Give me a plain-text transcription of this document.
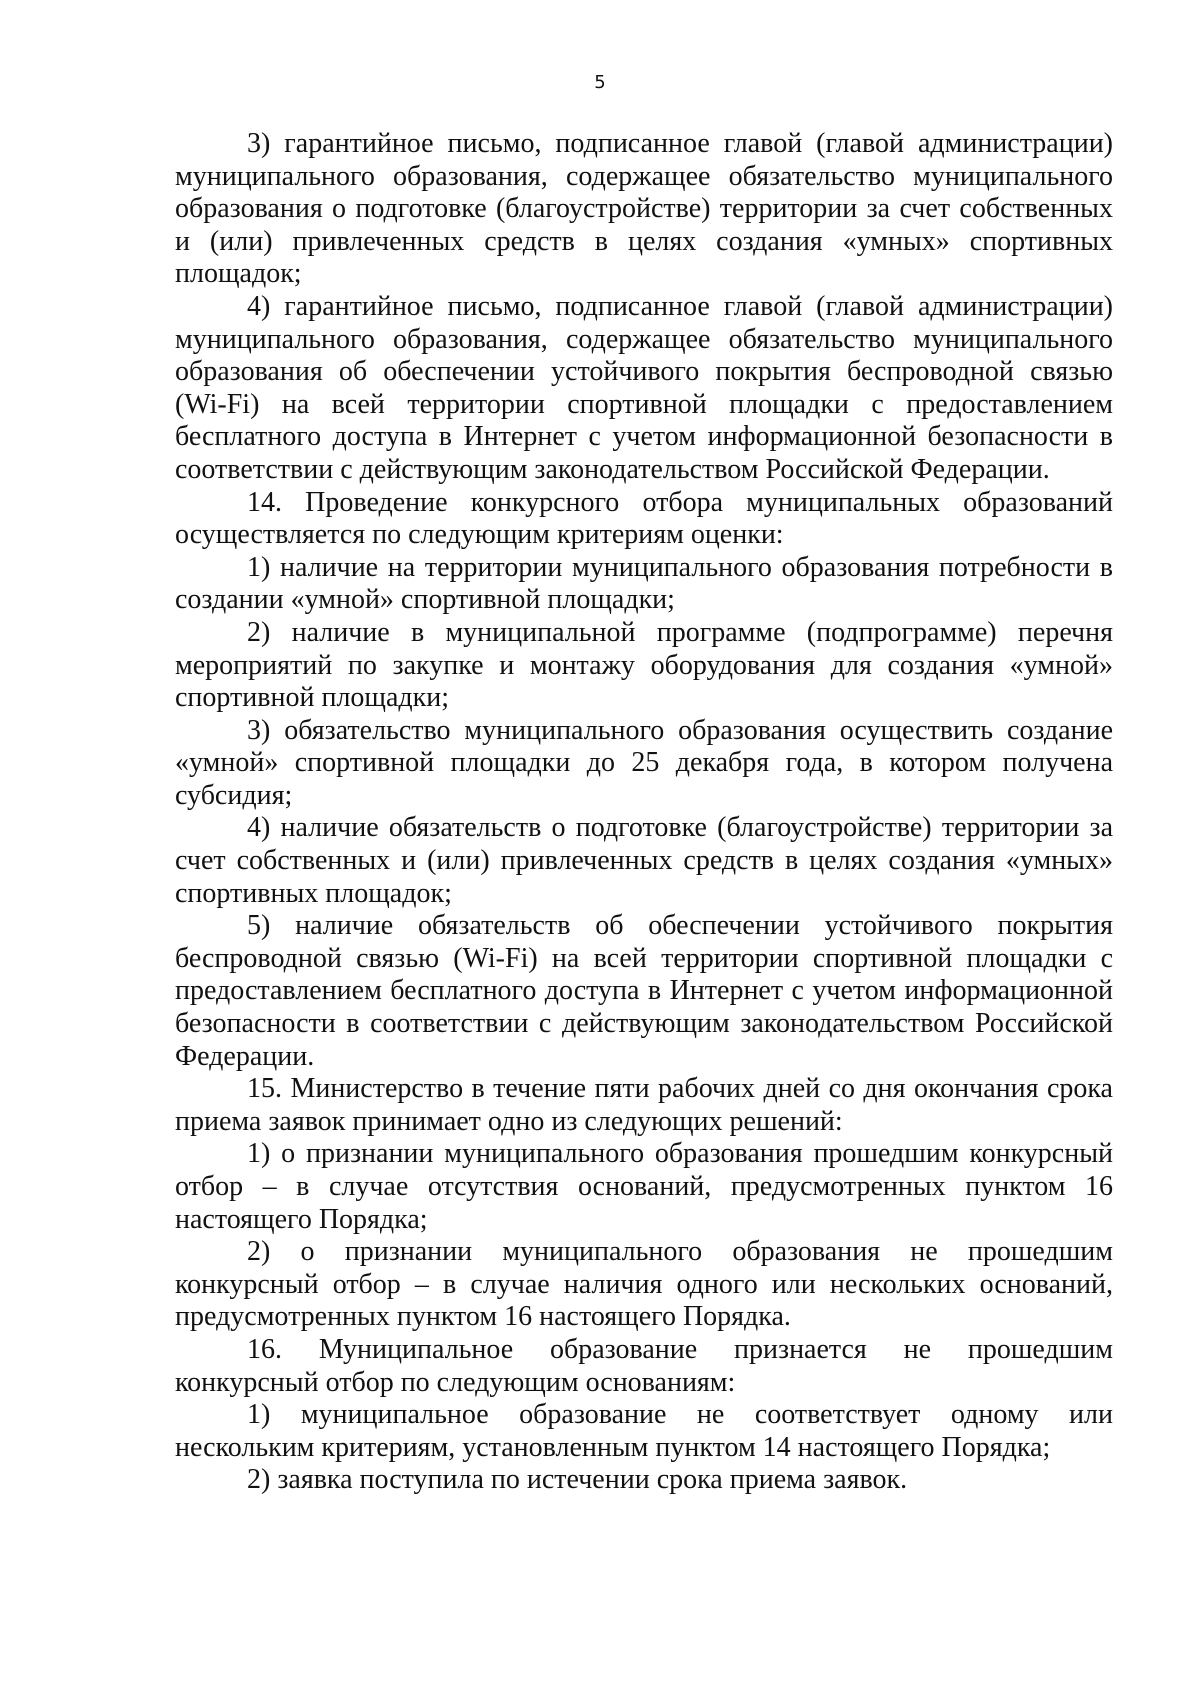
5

3) гарантийное письмо, подписанное главой (главой администрации) муниципального образования, содержащее обязательство муниципального образования о подготовке (благоустройстве) территории за счет собственных и (или) привлеченных средств в целях создания «умных» спортивных площадок;

4) гарантийное письмо, подписанное главой (главой администрации) муниципального образования, содержащее обязательство муниципального образования об обеспечении устойчивого покрытия беспроводной связью (Wi-Fi) на всей территории спортивной площадки с предоставлением бесплатного доступа в Интернет с учетом информационной безопасности в соответствии с действующим законодательством Российской Федерации.

14. Проведение конкурсного отбора муниципальных образований осуществляется по следующим критериям оценки:

1) наличие на территории муниципального образования потребности в создании «умной» спортивной площадки;

2) наличие в муниципальной программе (подпрограмме) перечня мероприятий по закупке и монтажу оборудования для создания «умной» спортивной площадки;

3) обязательство муниципального образования осуществить создание «умной» спортивной площадки до 25 декабря года, в котором получена субсидия;

4) наличие обязательств о подготовке (благоустройстве) территории за счет собственных и (или) привлеченных средств в целях создания «умных» спортивных площадок;

5) наличие обязательств об обеспечении устойчивого покрытия беспроводной связью (Wi-Fi) на всей территории спортивной площадки с предоставлением бесплатного доступа в Интернет с учетом информационной безопасности в соответствии с действующим законодательством Российской Федерации.

15. Министерство в течение пяти рабочих дней со дня окончания срока приема заявок принимает одно из следующих решений:

1) о признании муниципального образования прошедшим конкурсный отбор – в случае отсутствия оснований, предусмотренных пунктом 16 настоящего Порядка;

2) о признании муниципального образования не прошедшим конкурсный отбор – в случае наличия одного или нескольких оснований, предусмотренных пунктом 16 настоящего Порядка.

16. Муниципальное образование признается не прошедшим конкурсный отбор по следующим основаниям:

1) муниципальное образование не соответствует одному или нескольким критериям, установленным пунктом 14 настоящего Порядка;

2) заявка поступила по истечении срока приема заявок.
